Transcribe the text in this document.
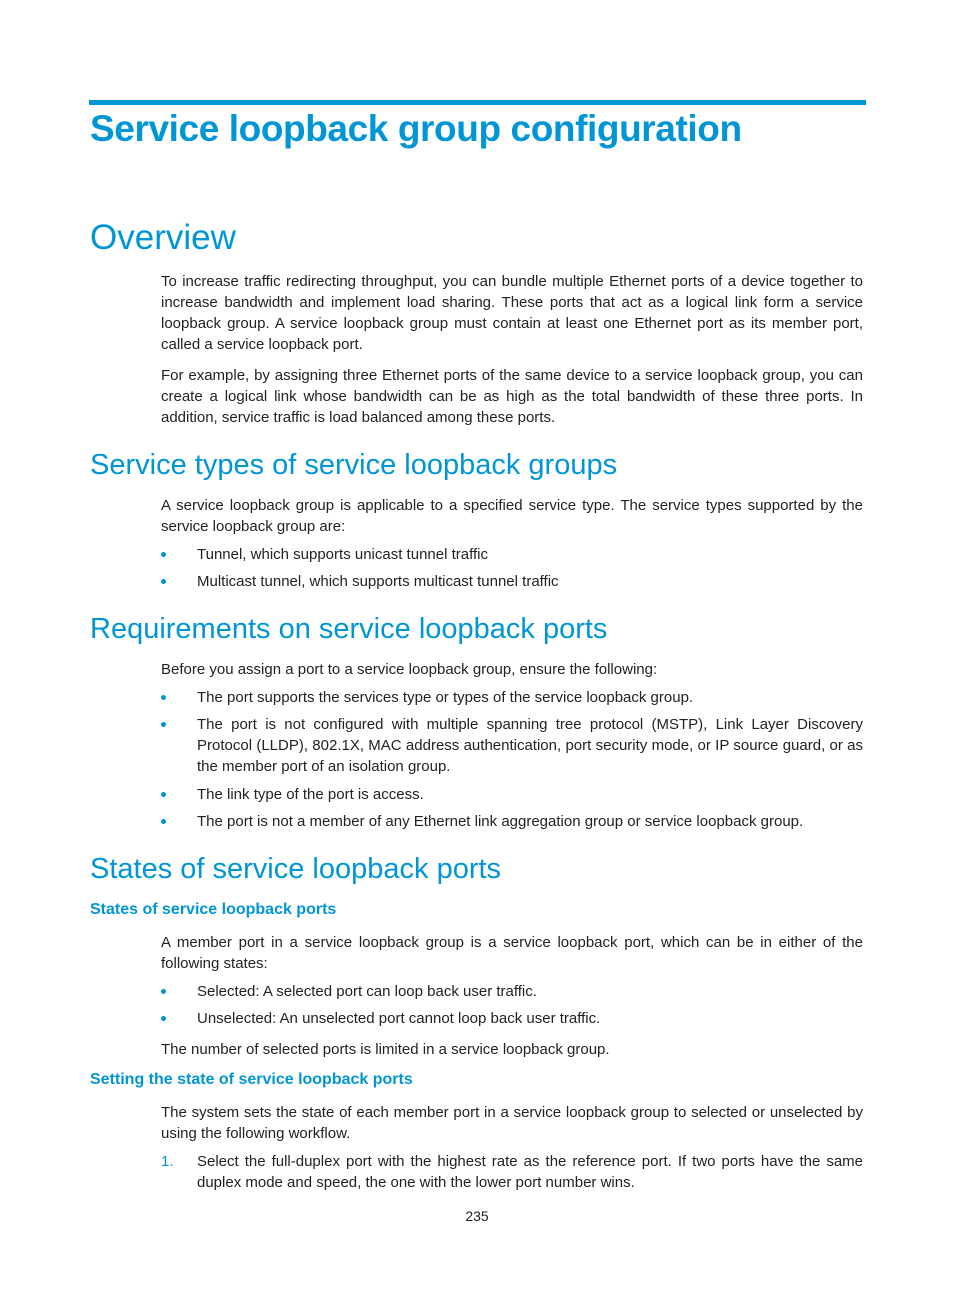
Service loopback group configuration
Overview

To increase traffic redirecting throughput, you can bundle multiple Ethernet ports of a device together to increase bandwidth and implement load sharing. These ports that act as a logical link form a service loopback group. A service loopback group must contain at least one Ethernet port as its member port, called a service loopback port.

For example, by assigning three Ethernet ports of the same device to a service loopback group, you can create a logical link whose bandwidth can be as high as the total bandwidth of these three ports. In addition, service traffic is load balanced among these ports.

Service types of service loopback groups

A service loopback group is applicable to a specified service type. The service types supported by the service loopback group are:

Tunnel, which supports unicast tunnel traffic

Multicast tunnel, which supports multicast tunnel traffic

Requirements on service loopback ports

Before you assign a port to a service loopback group, ensure the following:

The port supports the services type or types of the service loopback group.

The port is not configured with multiple spanning tree protocol (MSTP), Link Layer Discovery Protocol (LLDP), 802.1X, MAC address authentication, port security mode, or IP source guard, or as the member port of an isolation group.

The link type of the port is access.

The port is not a member of any Ethernet link aggregation group or service loopback group.

States of service loopback ports
States of service loopback ports

A member port in a service loopback group is a service loopback port, which can be in either of the following states:

Selected: A selected port can loop back user traffic.

Unselected: An unselected port cannot loop back user traffic.

The number of selected ports is limited in a service loopback group.

Setting the state of service loopback ports

The system sets the state of each member port in a service loopback group to selected or unselected by using the following workflow.

1. Select the full-duplex port with the highest rate as the reference port. If two ports have the same duplex mode and speed, the one with the lower port number wins.

235
